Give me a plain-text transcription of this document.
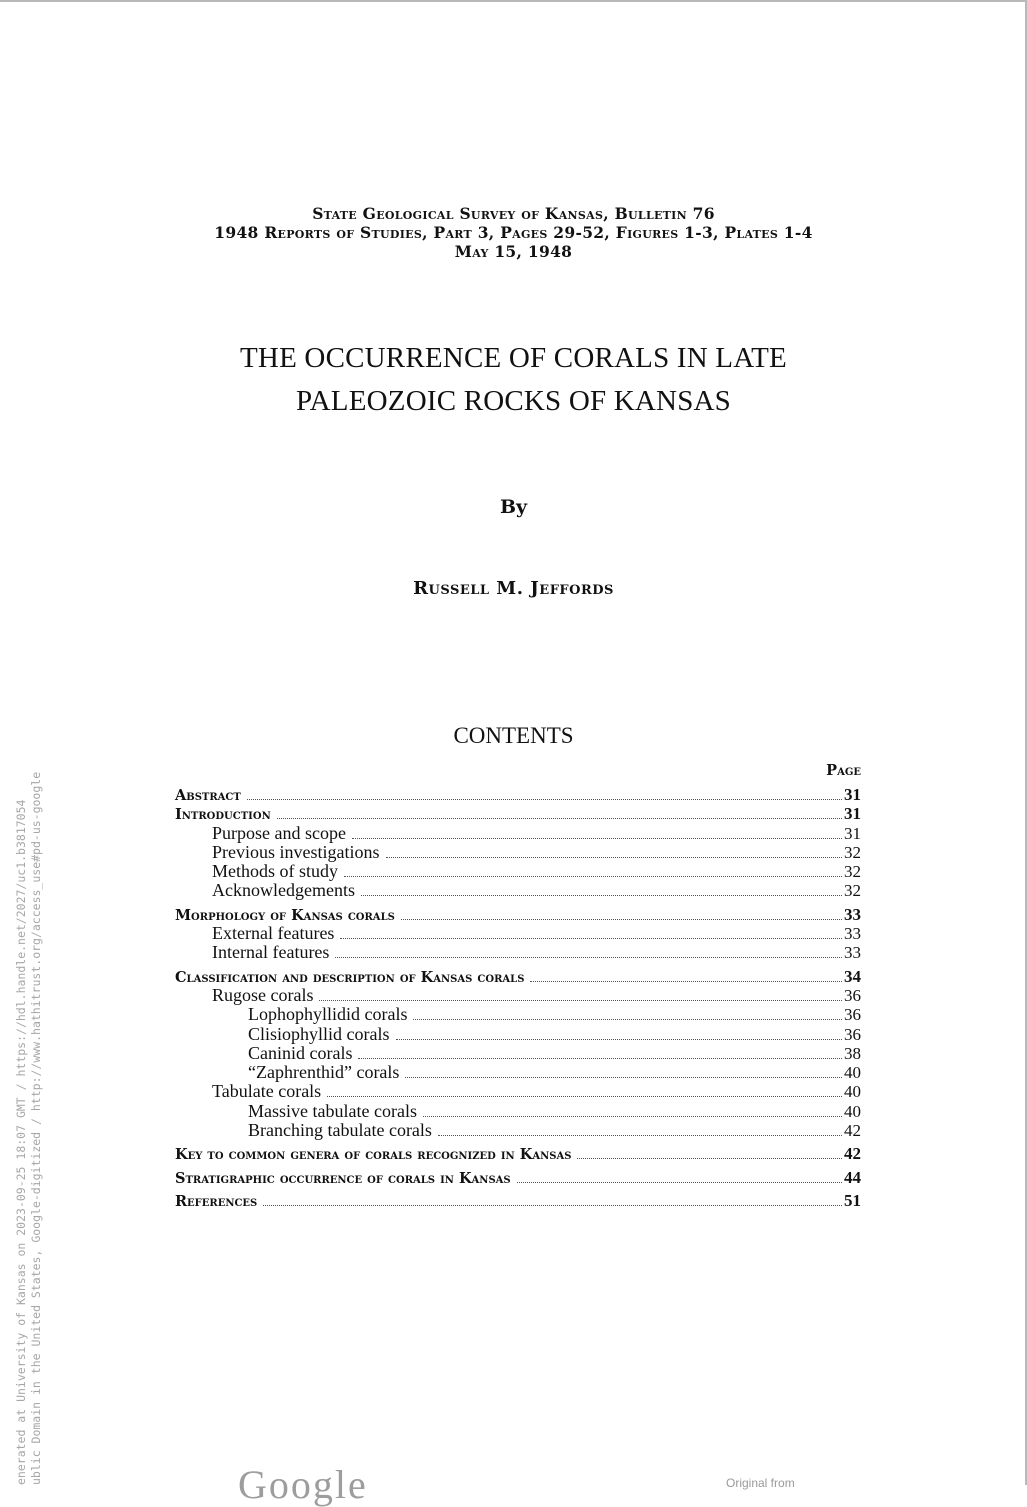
State Geological Survey of Kansas, Bulletin 76
1948 Reports of Studies, Part 3, Pages 29-52, Figures 1-3, Plates 1-4
May 15, 1948
THE OCCURRENCE OF CORALS IN LATE
PALEOZOIC ROCKS OF KANSAS
By
Russell M. Jeffords
CONTENTS
Page
Abstract	31
Introduction	31
Purpose and scope	31
Previous investigations	32
Methods of study	32
Acknowledgements	32
Morphology of Kansas corals	33
External features	33
Internal features	33
Classification and description of Kansas corals	34
Rugose corals	36
Lophophyllidid corals	36
Clisiophyllid corals	36
Caninid corals	38
“Zaphrenthid” corals	40
Tabulate corals	40
Massive tabulate corals	40
Branching tabulate corals	42
Key to common genera of corals recognized in Kansas	42
Stratigraphic occurrence of corals in Kansas	44
References	51
enerated at University of Kansas on 2023-09-25 18:07 GMT / https://hdl.handle.net/2027/uc1.b3817054 ublic Domain in the United States, Google-digitized / http://www.hathitrust.org/access_use#pd-us-google	Google	Original from
